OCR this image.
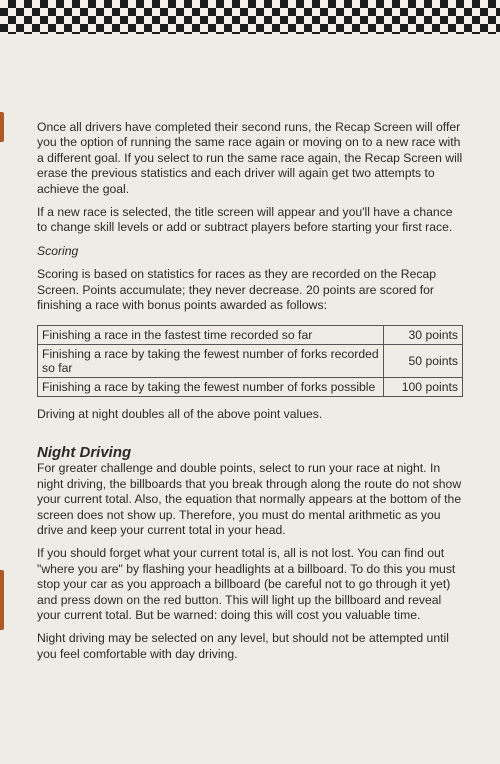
Once all drivers have completed their second runs, the Recap Screen will offer you the option of running the same race again or moving on to a new race with a different goal. If you select to run the same race again, the Recap Screen will erase the previous statistics and each driver will again get two attempts to achieve the goal.

If a new race is selected, the title screen will appear and you'll have a chance to change skill levels or add or subtract players before starting your first race.

Scoring

Scoring is based on statistics for races as they are recorded on the Recap Screen. Points accumulate; they never decrease. 20 points are scored for finishing a race with bonus points awarded as follows:

Finishing a race in the fastest time recorded so far	30 points
Finishing a race by taking the fewest number of forks recorded so far	50 points
Finishing a race by taking the fewest number of forks possible	100 points

Driving at night doubles all of the above point values.

Night Driving

For greater challenge and double points, select to run your race at night. In night driving, the billboards that you break through along the route do not show your current total. Also, the equation that normally appears at the bottom of the screen does not show up. Therefore, you must do mental arithmetic as you drive and keep your current total in your head.

If you should forget what your current total is, all is not lost. You can find out "where you are" by flashing your headlights at a billboard. To do this you must stop your car as you approach a billboard (be careful not to go through it yet) and press down on the red button. This will light up the billboard and reveal your current total. But be warned: doing this will cost you valuable time.

Night driving may be selected on any level, but should not be attempted until you feel comfortable with day driving.
